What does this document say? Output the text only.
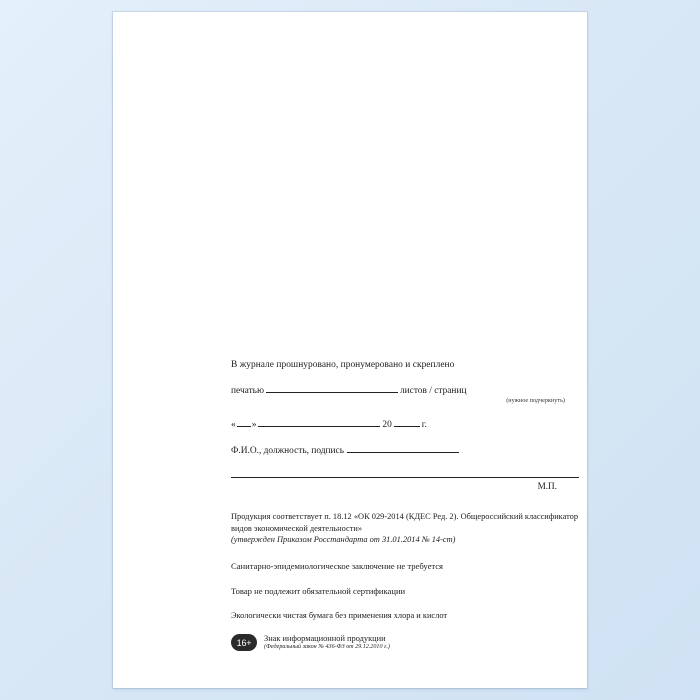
В журнале прошнуровано, пронумеровано и скреплено
печатью	листов / страниц
(нужное подчеркнуть)
« »	20	г.
Ф.И.О., должность, подпись
М.П.
Продукция соответствует п. 18.12 «ОК 029-2014 (КДЕС Ред. 2). Общероссийский классификатор видов экономической деятельности»
(утвержден Приказом Росстандарта от 31.01.2014 № 14-ст)
Санитарно-эпидемиологическое заключение не требуется
Товар не подлежит обязательной сертификации
Экологически чистая бумага без применения хлора и кислот
16+	Знак информационной продукции
(Федеральный закон № 436-ФЗ от 29.12.2010 г.)
